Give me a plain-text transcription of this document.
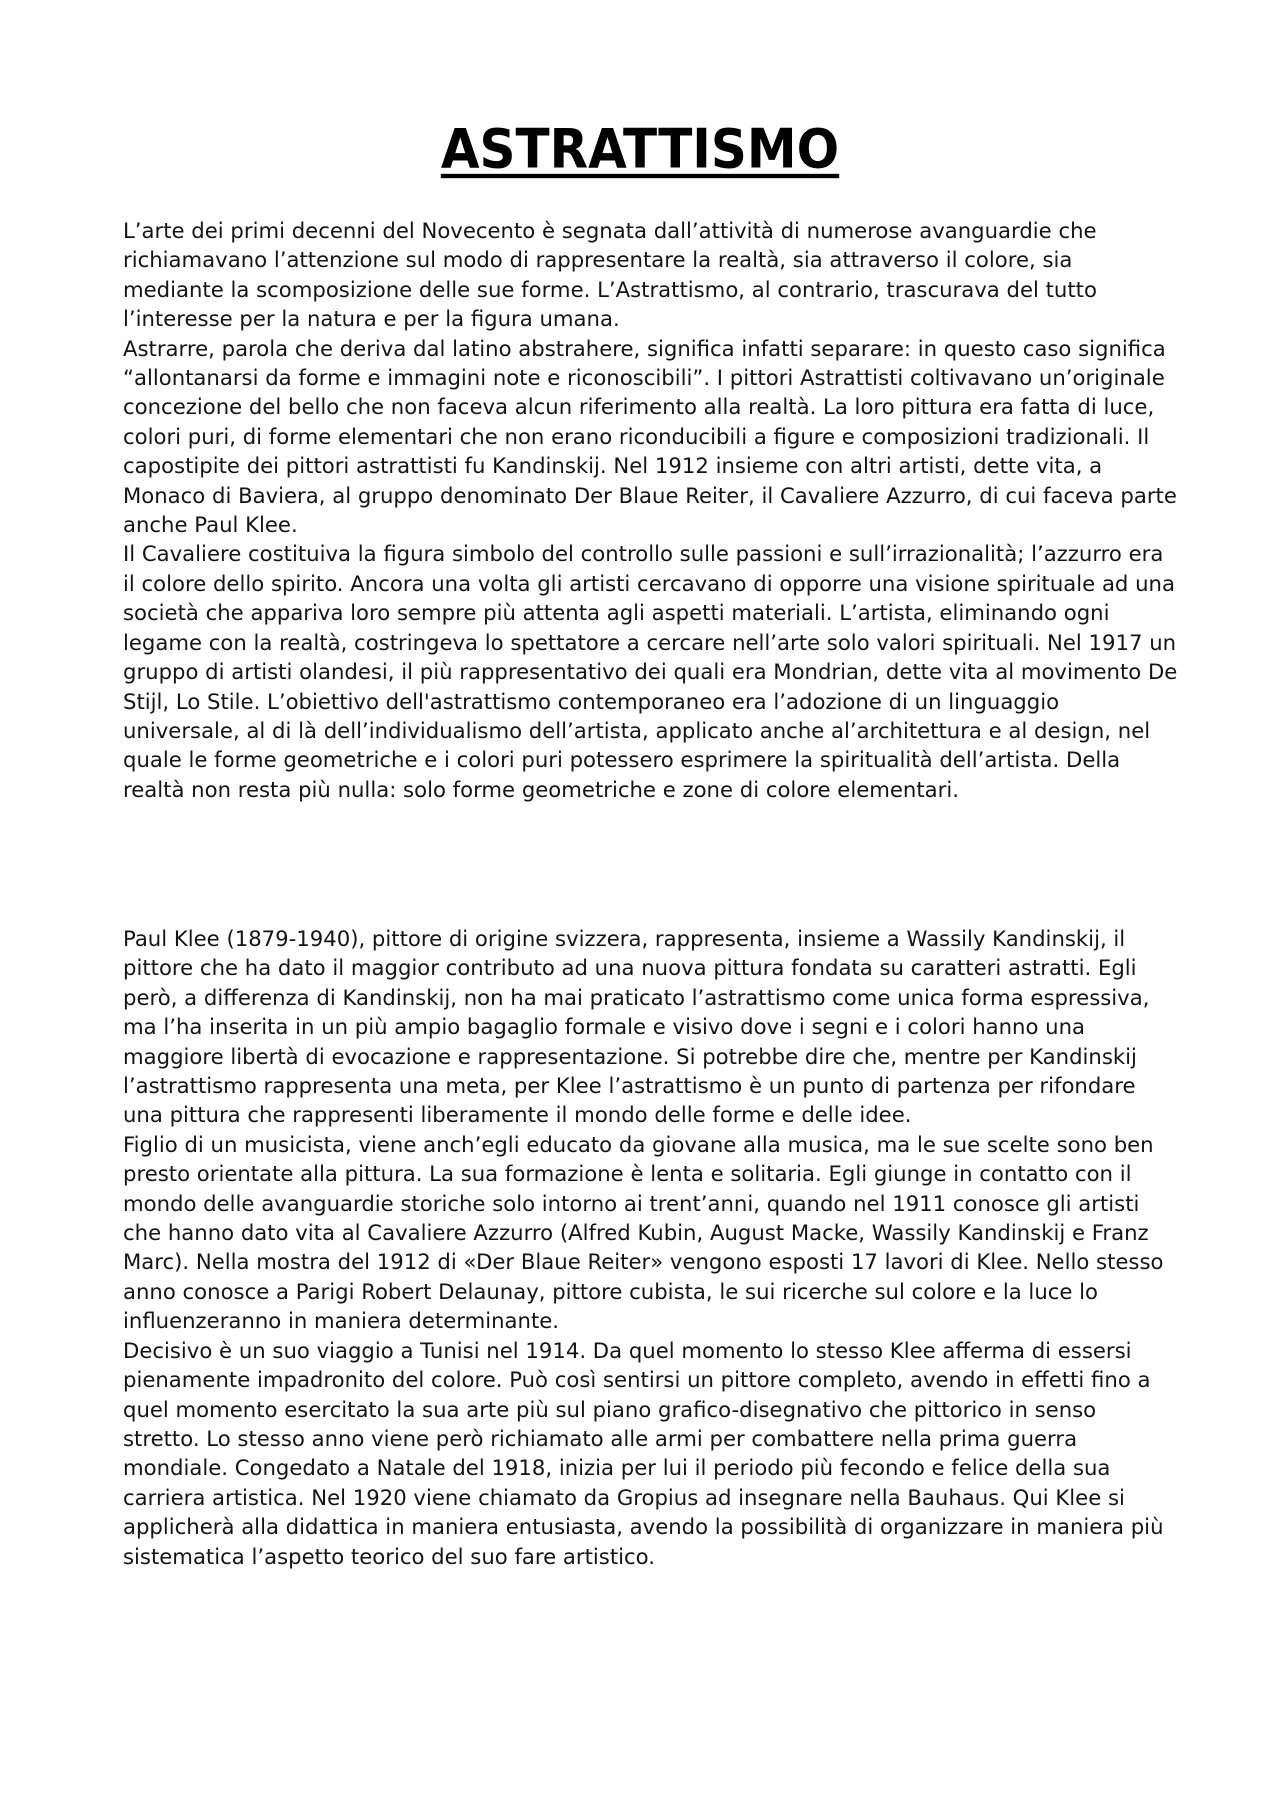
ASTRATTISMO

L’arte dei primi decenni del Novecento è segnata dall’attività di numerose avanguardie che richiamavano l’attenzione sul modo di rappresentare la realtà, sia attraverso il colore, sia mediante la scomposizione delle sue forme. L’Astrattismo, al contrario, trascurava del tutto l’interesse per la natura e per la figura umana.

Astrarre, parola che deriva dal latino abstrahere, significa infatti separare: in questo caso significa “allontanarsi da forme e immagini note e riconoscibili”. I pittori Astrattisti coltivavano un’originale concezione del bello che non faceva alcun riferimento alla realtà. La loro pittura era fatta di luce, colori puri, di forme elementari che non erano riconducibili a figure e composizioni tradizionali. Il capostipite dei pittori astrattisti fu Kandinskij. Nel 1912 insieme con altri artisti, dette vita, a Monaco di Baviera, al gruppo denominato Der Blaue Reiter, il Cavaliere Azzurro, di cui faceva parte anche Paul Klee.

Il Cavaliere costituiva la figura simbolo del controllo sulle passioni e sull’irrazionalità; l’azzurro era il colore dello spirito. Ancora una volta gli artisti cercavano di opporre una visione spirituale ad una società che appariva loro sempre più attenta agli aspetti materiali. L’artista, eliminando ogni legame con la realtà, costringeva lo spettatore a cercare nell’arte solo valori spirituali. Nel 1917 un gruppo di artisti olandesi, il più rappresentativo dei quali era Mondrian, dette vita al movimento De Stijl, Lo Stile. L’obiettivo dell'astrattismo contemporaneo era l’adozione di un linguaggio universale, al di là dell’individualismo dell’artista, applicato anche al’architettura e al design, nel quale le forme geometriche e i colori puri potessero esprimere la spiritualità dell’artista. Della realtà non resta più nulla: solo forme geometriche e zone di colore elementari.

Paul Klee (1879-1940), pittore di origine svizzera, rappresenta, insieme a Wassily Kandinskij, il pittore che ha dato il maggior contributo ad una nuova pittura fondata su caratteri astratti. Egli però, a differenza di Kandinskij, non ha mai praticato l’astrattismo come unica forma espressiva, ma l’ha inserita in un più ampio bagaglio formale e visivo dove i segni e i colori hanno una maggiore libertà di evocazione e rappresentazione. Si potrebbe dire che, mentre per Kandinskij l’astrattismo rappresenta una meta, per Klee l’astrattismo è un punto di partenza per rifondare una pittura che rappresenti liberamente il mondo delle forme e delle idee.

Figlio di un musicista, viene anch’egli educato da giovane alla musica, ma le sue scelte sono ben presto orientate alla pittura. La sua formazione è lenta e solitaria. Egli giunge in contatto con il mondo delle avanguardie storiche solo intorno ai trent’anni, quando nel 1911 conosce gli artisti che hanno dato vita al Cavaliere Azzurro (Alfred Kubin, August Macke, Wassily Kandinskij e Franz Marc). Nella mostra del 1912 di «Der Blaue Reiter» vengono esposti 17 lavori di Klee. Nello stesso anno conosce a Parigi Robert Delaunay, pittore cubista, le sui ricerche sul colore e la luce lo influenzeranno in maniera determinante.

Decisivo è un suo viaggio a Tunisi nel 1914. Da quel momento lo stesso Klee afferma di essersi pienamente impadronito del colore. Può così sentirsi un pittore completo, avendo in effetti fino a quel momento esercitato la sua arte più sul piano grafico-disegnativo che pittorico in senso stretto. Lo stesso anno viene però richiamato alle armi per combattere nella prima guerra mondiale. Congedato a Natale del 1918, inizia per lui il periodo più fecondo e felice della sua carriera artistica. Nel 1920 viene chiamato da Gropius ad insegnare nella Bauhaus. Qui Klee si applicherà alla didattica in maniera entusiasta, avendo la possibilità di organizzare in maniera più sistematica l’aspetto teorico del suo fare artistico.
